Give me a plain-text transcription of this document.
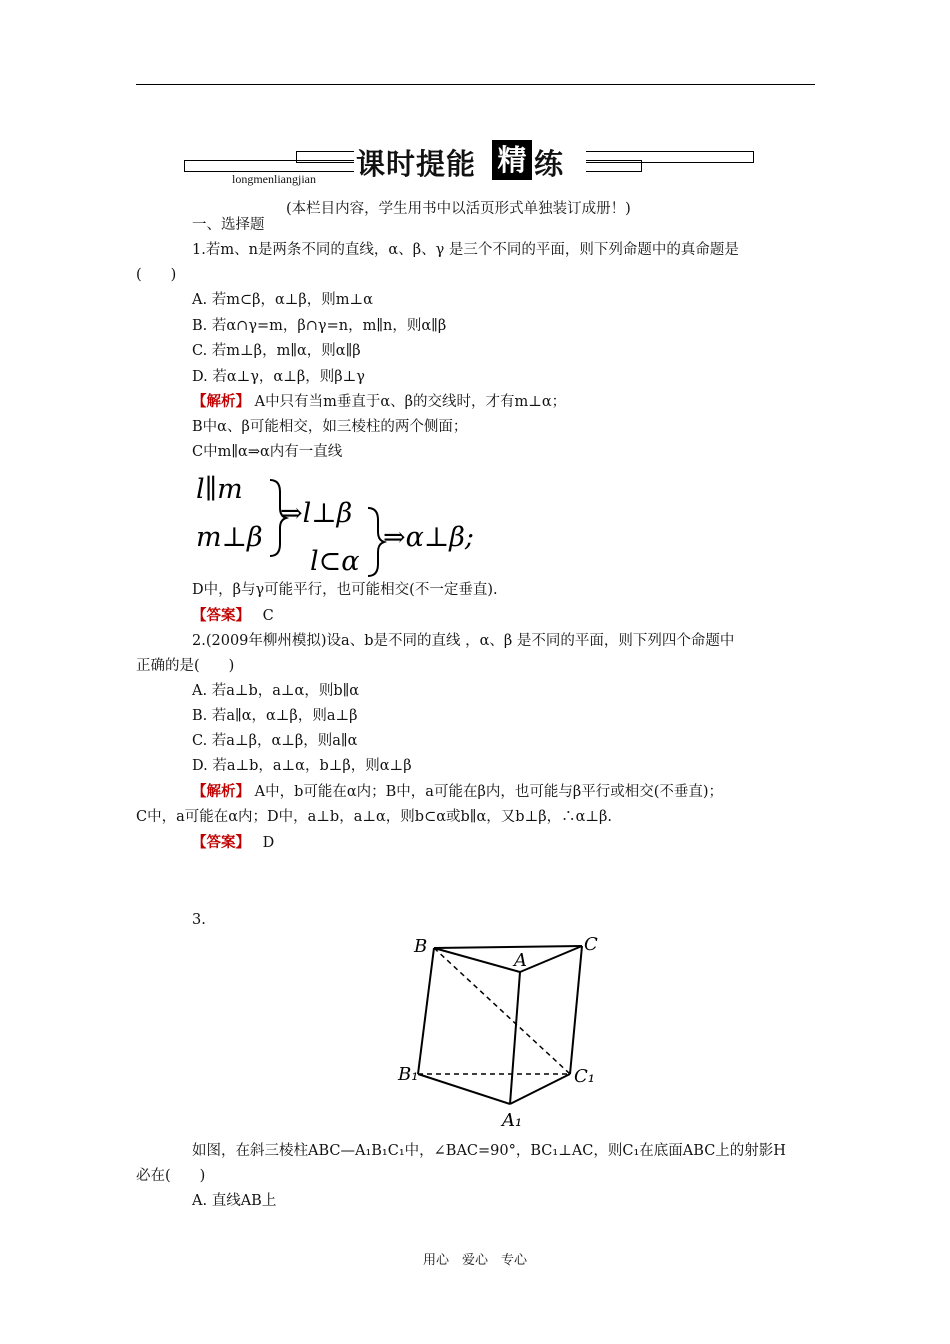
课时提能 精 练
longmenliangjian
(本栏目内容，学生用书中以活页形式单独装订成册！)
一、选择题
1.若m、n是两条不同的直线，α、β、γ 是三个不同的平面，则下列命题中的真命题是
(　　)
A. 若m⊂β，α⊥β，则m⊥α
B. 若α∩γ=m，β∩γ=n，m∥n，则α∥β
C. 若m⊥β，m∥α，则α∥β
D. 若α⊥γ，α⊥β，则β⊥γ
【解析】 A中只有当m垂直于α、β的交线时，才有m⊥α；
B中α、β可能相交，如三棱柱的两个侧面；
C中m∥α⇒α内有一直线
l∥m
m⊥β
⇒l⊥β
l⊂α
⇒α⊥β;
D中，β与γ可能平行，也可能相交(不一定垂直).
【答案】 C
2.(2009年柳州模拟)设a、b是不同的直线 ，α、β 是不同的平面，则下列四个命题中
正确的是(　　)
A. 若a⊥b，a⊥α，则b∥α
B. 若a∥α，α⊥β，则a⊥β
C. 若a⊥β，α⊥β，则a∥α
D. 若a⊥b，a⊥α，b⊥β，则α⊥β
【解析】 A中，b可能在α内；B中，a可能在β内，也可能与β平行或相交(不垂直)；
C中，a可能在α内；D中，a⊥b，a⊥α，则b⊂α或b∥α，又b⊥β，∴α⊥β.
【答案】 D
3.
B	C
A
B₁	C₁
A₁
如图，在斜三棱柱ABC—A₁B₁C₁中，∠BAC=90°，BC₁⊥AC，则C₁在底面ABC上的射影H
必在(　　)
A. 直线AB上
用心　爱心　专心
